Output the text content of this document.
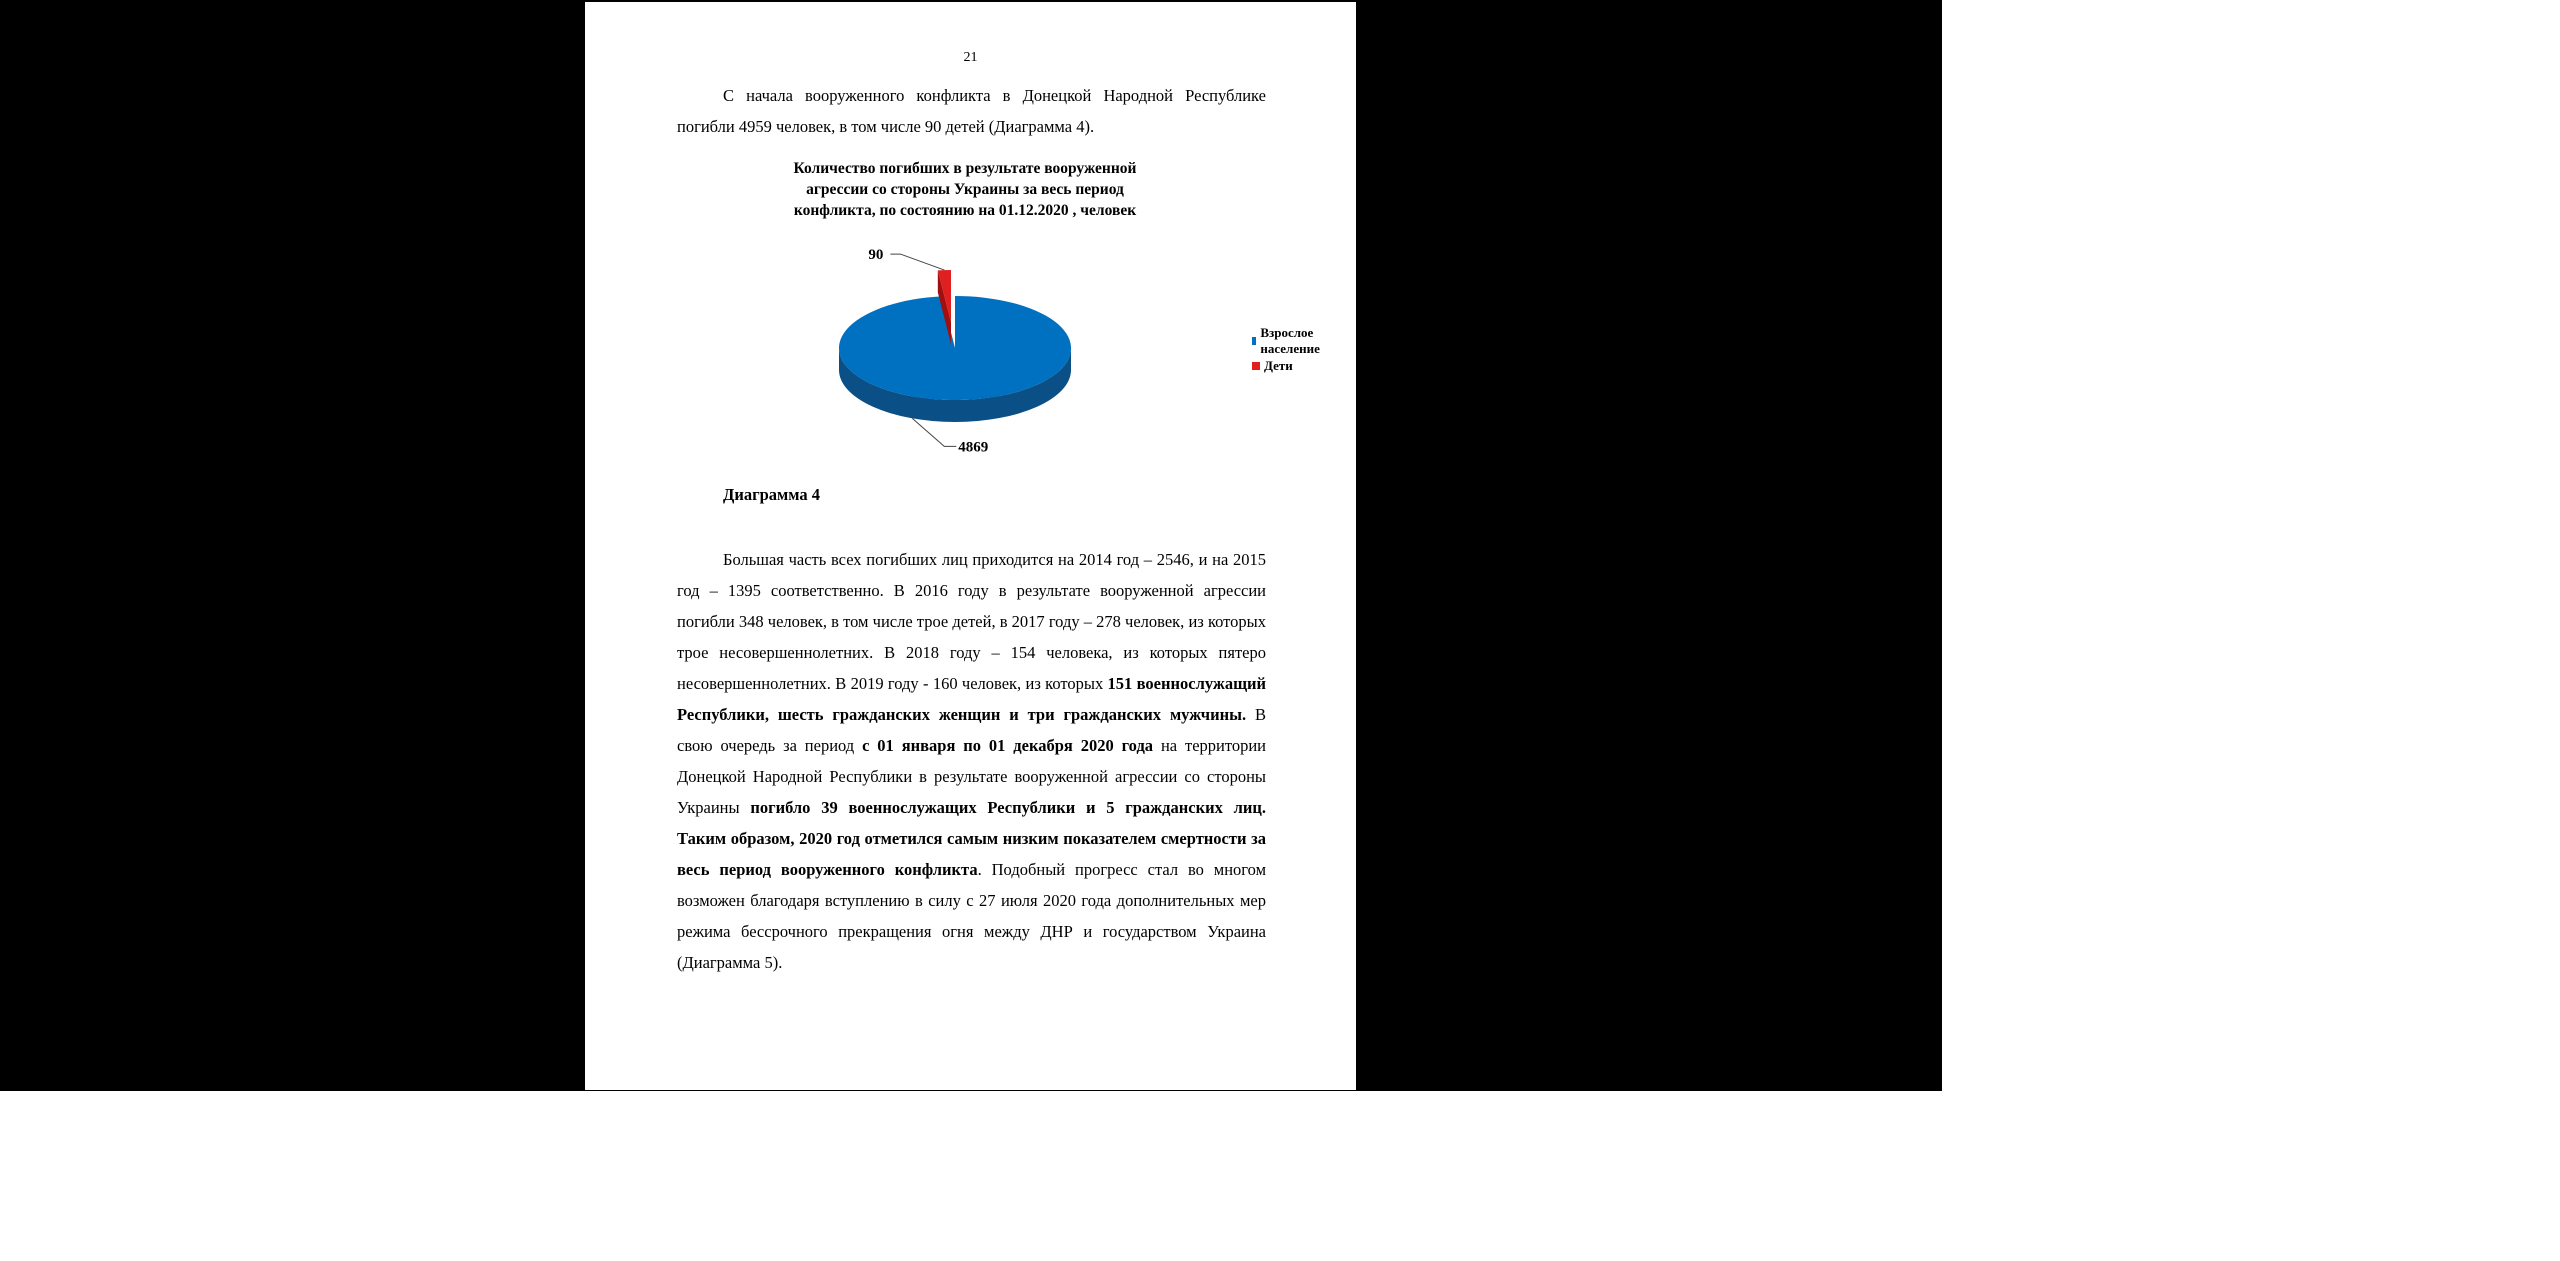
21

С начала вооруженного конфликта в Донецкой Народной Республике погибли 4959 человек, в том числе 90 детей (Диаграмма 4).

Количество погибших в результате вооруженной
агрессии со стороны Украины за весь период
конфликта, по состоянию на 01.12.2020 , человек
4869
90
Взрослое население
Дети
Диаграмма 4

Большая часть всех погибших лиц приходится на 2014 год – 2546, и на 2015 год – 1395 соответственно. В 2016 году в результате вооруженной агрессии погибли 348 человек, в том числе трое детей, в 2017 году – 278 человек, из которых трое несовершеннолетних. В 2018 году – 154 человека, из которых пятеро несовершеннолетних. В 2019 году - 160 человек, из которых 151 военнослужащий Республики, шесть гражданских женщин и три гражданских мужчины. В свою очередь за период с 01 января по 01 декабря 2020 года на территории Донецкой Народной Республики в результате вооруженной агрессии со стороны Украины погибло 39 военнослужащих Республики и 5 гражданских лиц. Таким образом, 2020 год отметился самым низким показателем смертности за весь период вооруженного конфликта. Подобный прогресс стал во многом возможен благодаря вступлению в силу с 27 июля 2020 года дополнительных мер режима бессрочного прекращения огня между ДНР и государством Украина (Диаграмма 5).
